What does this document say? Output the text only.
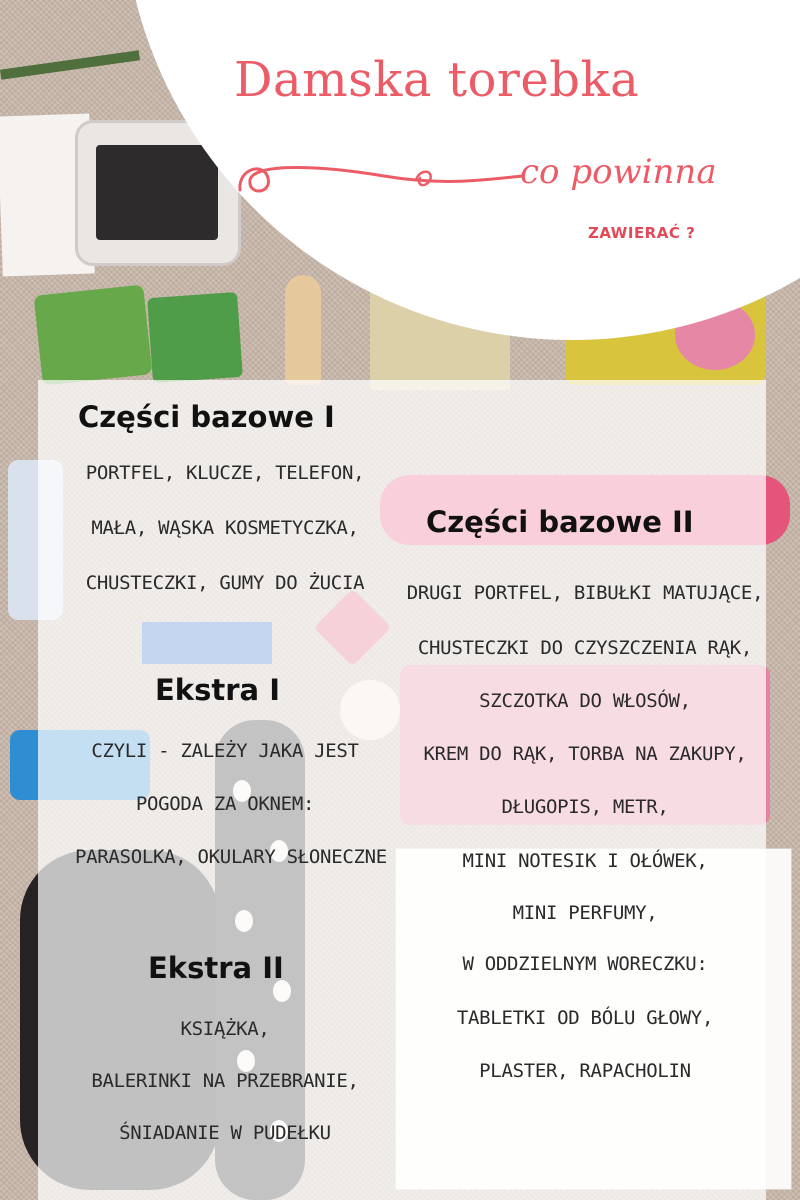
Damska torebka
co powinna
ZAWIERAĆ ?
Części bazowe I
PORTFEL, KLUCZE, TELEFON,
MAŁA, WĄSKA KOSMETYCZKA,
CHUSTECZKI, GUMY DO ŻUCIA
Części bazowe II
DRUGI PORTFEL, BIBUŁKI MATUJĄCE,
CHUSTECZKI DO CZYSZCZENIA RĄK,
SZCZOTKA DO WŁOSÓW,
KREM DO RĄK, TORBA NA ZAKUPY,
DŁUGOPIS, METR,
MINI NOTESIK I OŁÓWEK,
MINI PERFUMY,
W ODDZIELNYM WORECZKU:
TABLETKI OD BÓLU GŁOWY,
PLASTER, RAPACHOLIN
Ekstra I
CZYLI - ZALEŻY JAKA JEST
POGODA ZA OKNEM:
PARASOLKA, OKULARY SŁONECZNE
Ekstra II
KSIĄŻKA,
BALERINKI NA PRZEBRANIE,
ŚNIADANIE W PUDEŁKU
